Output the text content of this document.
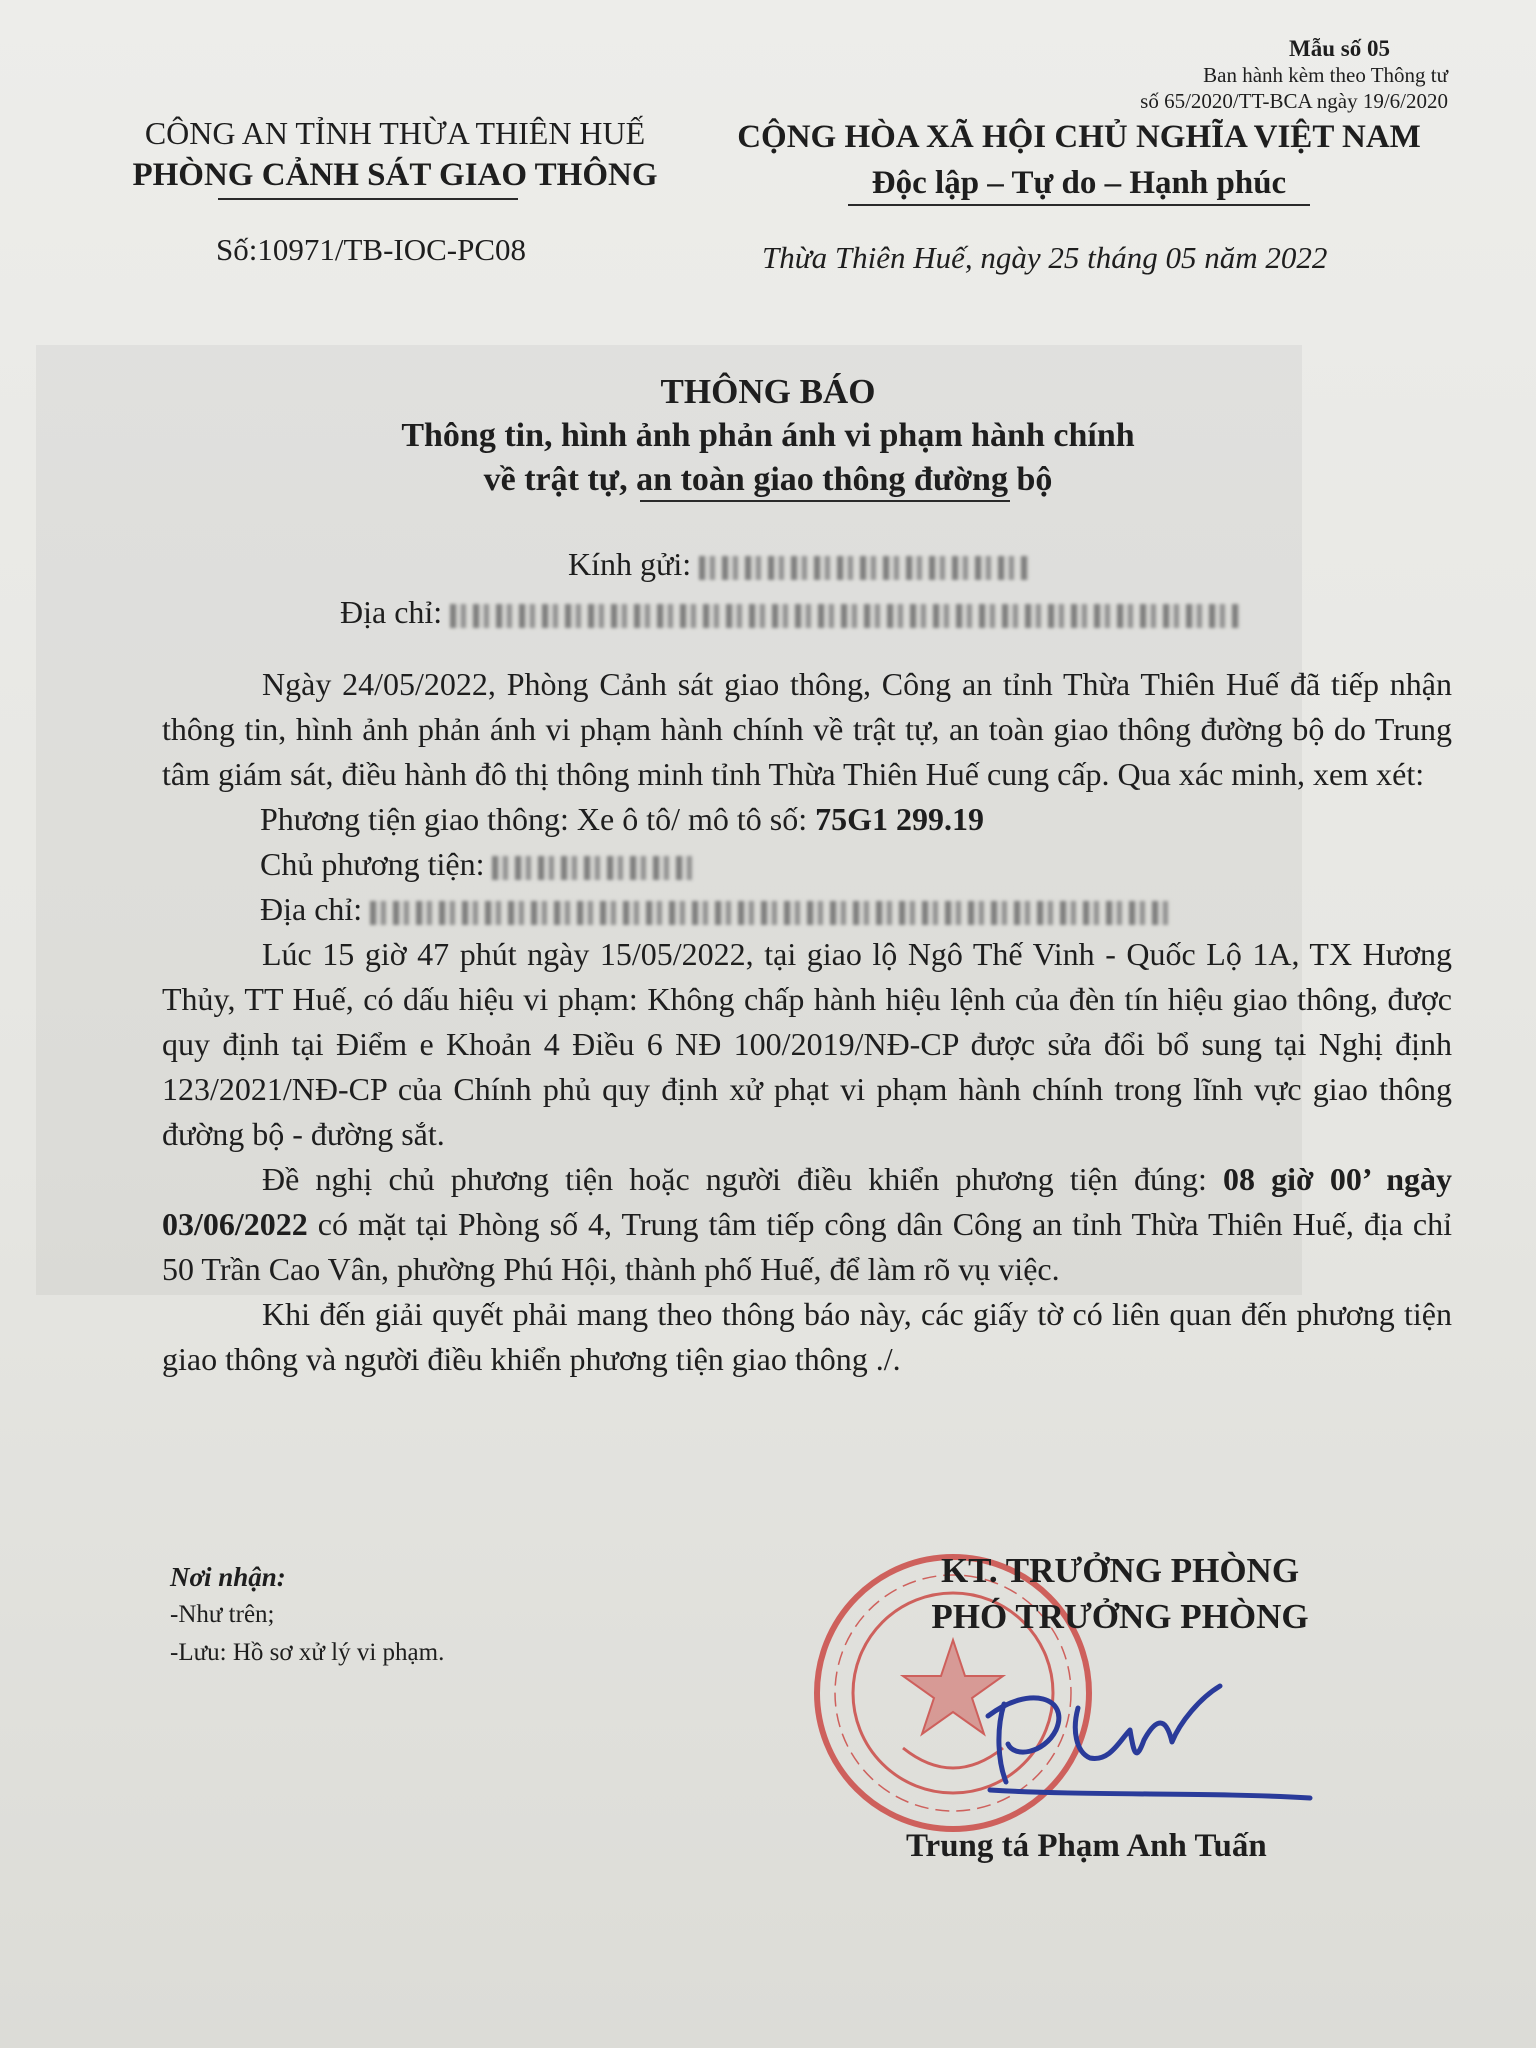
Mẫu số 05
Ban hành kèm theo Thông tư
số 65/2020/TT-BCA ngày 19/6/2020
CÔNG AN TỈNH THỪA THIÊN HUẾ
PHÒNG CẢNH SÁT GIAO THÔNG
CỘNG HÒA XÃ HỘI CHỦ NGHĨA VIỆT NAM
Độc lập – Tự do – Hạnh phúc
Số:10971/TB-IOC-PC08	Thừa Thiên Huế, ngày 25 tháng 05 năm 2022
THÔNG BÁO
Thông tin, hình ảnh phản ánh vi phạm hành chính
về trật tự, an toàn giao thông đường bộ
Kính gửi:
Địa chỉ:

Ngày 24/05/2022, Phòng Cảnh sát giao thông, Công an tỉnh Thừa Thiên Huế đã tiếp nhận thông tin, hình ảnh phản ánh vi phạm hành chính về trật tự, an toàn giao thông đường bộ do Trung tâm giám sát, điều hành đô thị thông minh tỉnh Thừa Thiên Huế cung cấp. Qua xác minh, xem xét:

Phương tiện giao thông: Xe ô tô/ mô tô số: 75G1 299.19

Chủ phương tiện:

Địa chỉ:

Lúc 15 giờ 47 phút ngày 15/05/2022, tại giao lộ Ngô Thế Vinh - Quốc Lộ 1A, TX Hương Thủy, TT Huế, có dấu hiệu vi phạm: Không chấp hành hiệu lệnh của đèn tín hiệu giao thông, được quy định tại Điểm e Khoản 4 Điều 6 NĐ 100/2019/NĐ-CP được sửa đổi bổ sung tại Nghị định 123/2021/NĐ-CP của Chính phủ quy định xử phạt vi phạm hành chính trong lĩnh vực giao thông đường bộ - đường sắt.

Đề nghị chủ phương tiện hoặc người điều khiển phương tiện đúng: 08 giờ 00’ ngày 03/06/2022 có mặt tại Phòng số 4, Trung tâm tiếp công dân Công an tỉnh Thừa Thiên Huế, địa chỉ 50 Trần Cao Vân, phường Phú Hội, thành phố Huế, để làm rõ vụ việc.

Khi đến giải quyết phải mang theo thông báo này, các giấy tờ có liên quan đến phương tiện giao thông và người điều khiển phương tiện giao thông ./.

Nơi nhận:
-Như trên;
-Lưu: Hồ sơ xử lý vi phạm.
KT. TRƯỞNG PHÒNG
PHÓ TRƯỞNG PHÒNG
Trung tá Phạm Anh Tuấn
